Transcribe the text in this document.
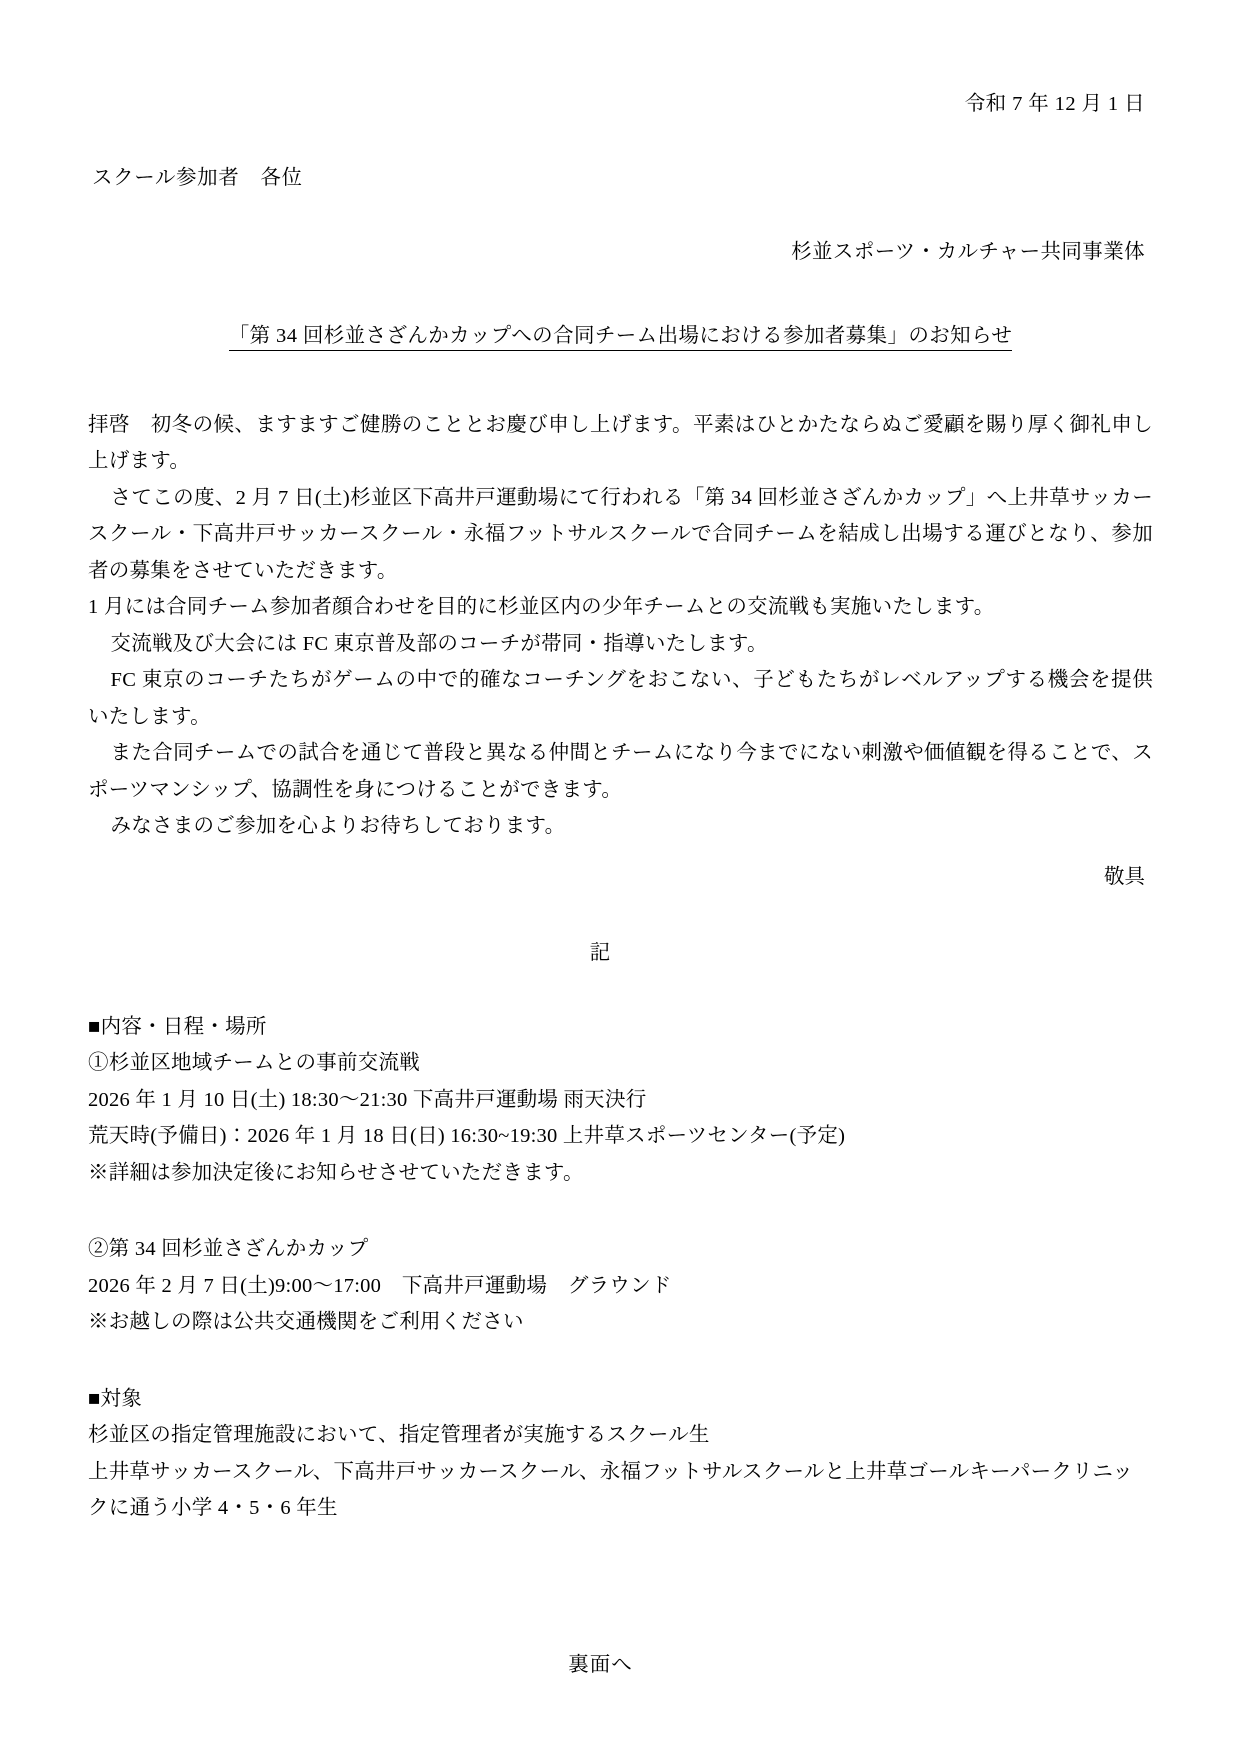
令和 7 年 12 月 1 日
スクール参加者　各位
杉並スポーツ・カルチャー共同事業体
「第 34 回杉並さざんかカップへの合同チーム出場における参加者募集」のお知らせ

拝啓　初冬の候、ますますご健勝のこととお慶び申し上げます。平素はひとかたならぬご愛顧を賜り厚く御礼申し上げます。

さてこの度、2 月 7 日(土)杉並区下高井戸運動場にて行われる「第 34 回杉並さざんかカップ」へ上井草サッカースクール・下高井戸サッカースクール・永福フットサルスクールで合同チームを結成し出場する運びとなり、参加者の募集をさせていただきます。

1 月には合同チーム参加者顔合わせを目的に杉並区内の少年チームとの交流戦も実施いたします。

交流戦及び大会には FC 東京普及部のコーチが帯同・指導いたします。

FC 東京のコーチたちがゲームの中で的確なコーチングをおこない、子どもたちがレベルアップする機会を提供いたします。

また合同チームでの試合を通じて普段と異なる仲間とチームになり今までにない刺激や価値観を得ることで、スポーツマンシップ、協調性を身につけることができます。

みなさまのご参加を心よりお待ちしております。

敬具
記

■内容・日程・場所

①杉並区地域チームとの事前交流戦

2026 年 1 月 10 日(土) 18:30〜21:30 下高井戸運動場 雨天決行

荒天時(予備日)：2026 年 1 月 18 日(日) 16:30~19:30 上井草スポーツセンター(予定)

※詳細は参加決定後にお知らせさせていただきます。

②第 34 回杉並さざんかカップ

2026 年 2 月 7 日(土)9:00〜17:00　下高井戸運動場　グラウンド

※お越しの際は公共交通機関をご利用ください

■対象

杉並区の指定管理施設において、指定管理者が実施するスクール生

上井草サッカースクール、下高井戸サッカースクール、永福フットサルスクールと上井草ゴールキーパークリニックに通う小学 4・5・6 年生

裏面へ
